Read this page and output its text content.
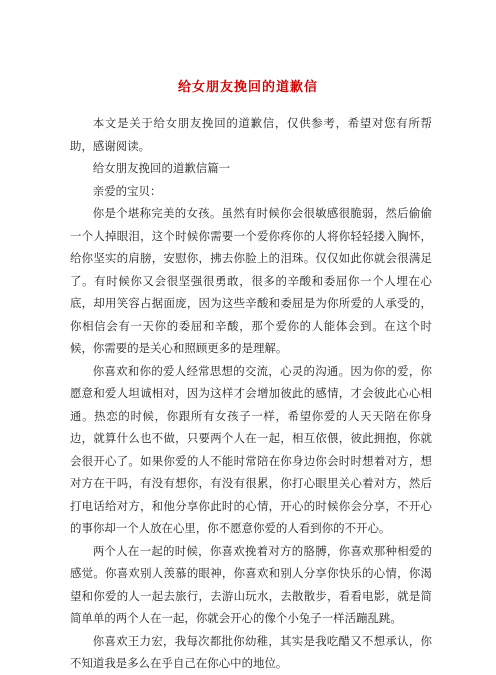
给女朋友挽回的道歉信

本文是关于给女朋友挽回的道歉信，仅供参考，希望对您有所帮助，感谢阅读。

给女朋友挽回的道歉信篇一

亲爱的宝贝：

你是个堪称完美的女孩。虽然有时候你会很敏感很脆弱，然后偷偷一个人掉眼泪，这个时候你需要一个爱你疼你的人将你轻轻搂入胸怀，给你坚实的肩膀，安慰你，拂去你脸上的泪珠。仅仅如此你就会很满足了。有时候你又会很坚强很勇敢，很多的辛酸和委屈你一个人埋在心底，却用笑容占据面庞，因为这些辛酸和委屈是为你所爱的人承受的，你相信会有一天你的委屈和辛酸，那个爱你的人能体会到。在这个时候，你需要的是关心和照顾更多的是理解。

你喜欢和你的爱人经常思想的交流，心灵的沟通。因为你的爱，你愿意和爱人坦诚相对，因为这样才会增加彼此的感情，才会彼此心心相通。热恋的时候，你跟所有女孩子一样，希望你爱的人天天陪在你身边，就算什么也不做，只要两个人在一起，相互依偎，彼此拥抱，你就会很开心了。如果你爱的人不能时常陪在你身边你会时时想着对方，想对方在干吗，有没有想你，有没有很累，你打心眼里关心着对方，然后打电话给对方，和他分享你此时的心情，开心的时候你会分享，不开心的事你却一个人放在心里，你不愿意你爱的人看到你的不开心。

两个人在一起的时候，你喜欢挽着对方的胳膊，你喜欢那种相爱的感觉。你喜欢别人羡慕的眼神，你喜欢和别人分享你快乐的心情，你渴望和你爱的人一起去旅行，去游山玩水，去散散步，看看电影，就是简简单单的两个人在一起，你就会开心的像个小兔子一样活蹦乱跳。

你喜欢王力宏，我每次都批你幼稚，其实是我吃醋又不想承认，你不知道我是多么在乎自己在你心中的地位。
